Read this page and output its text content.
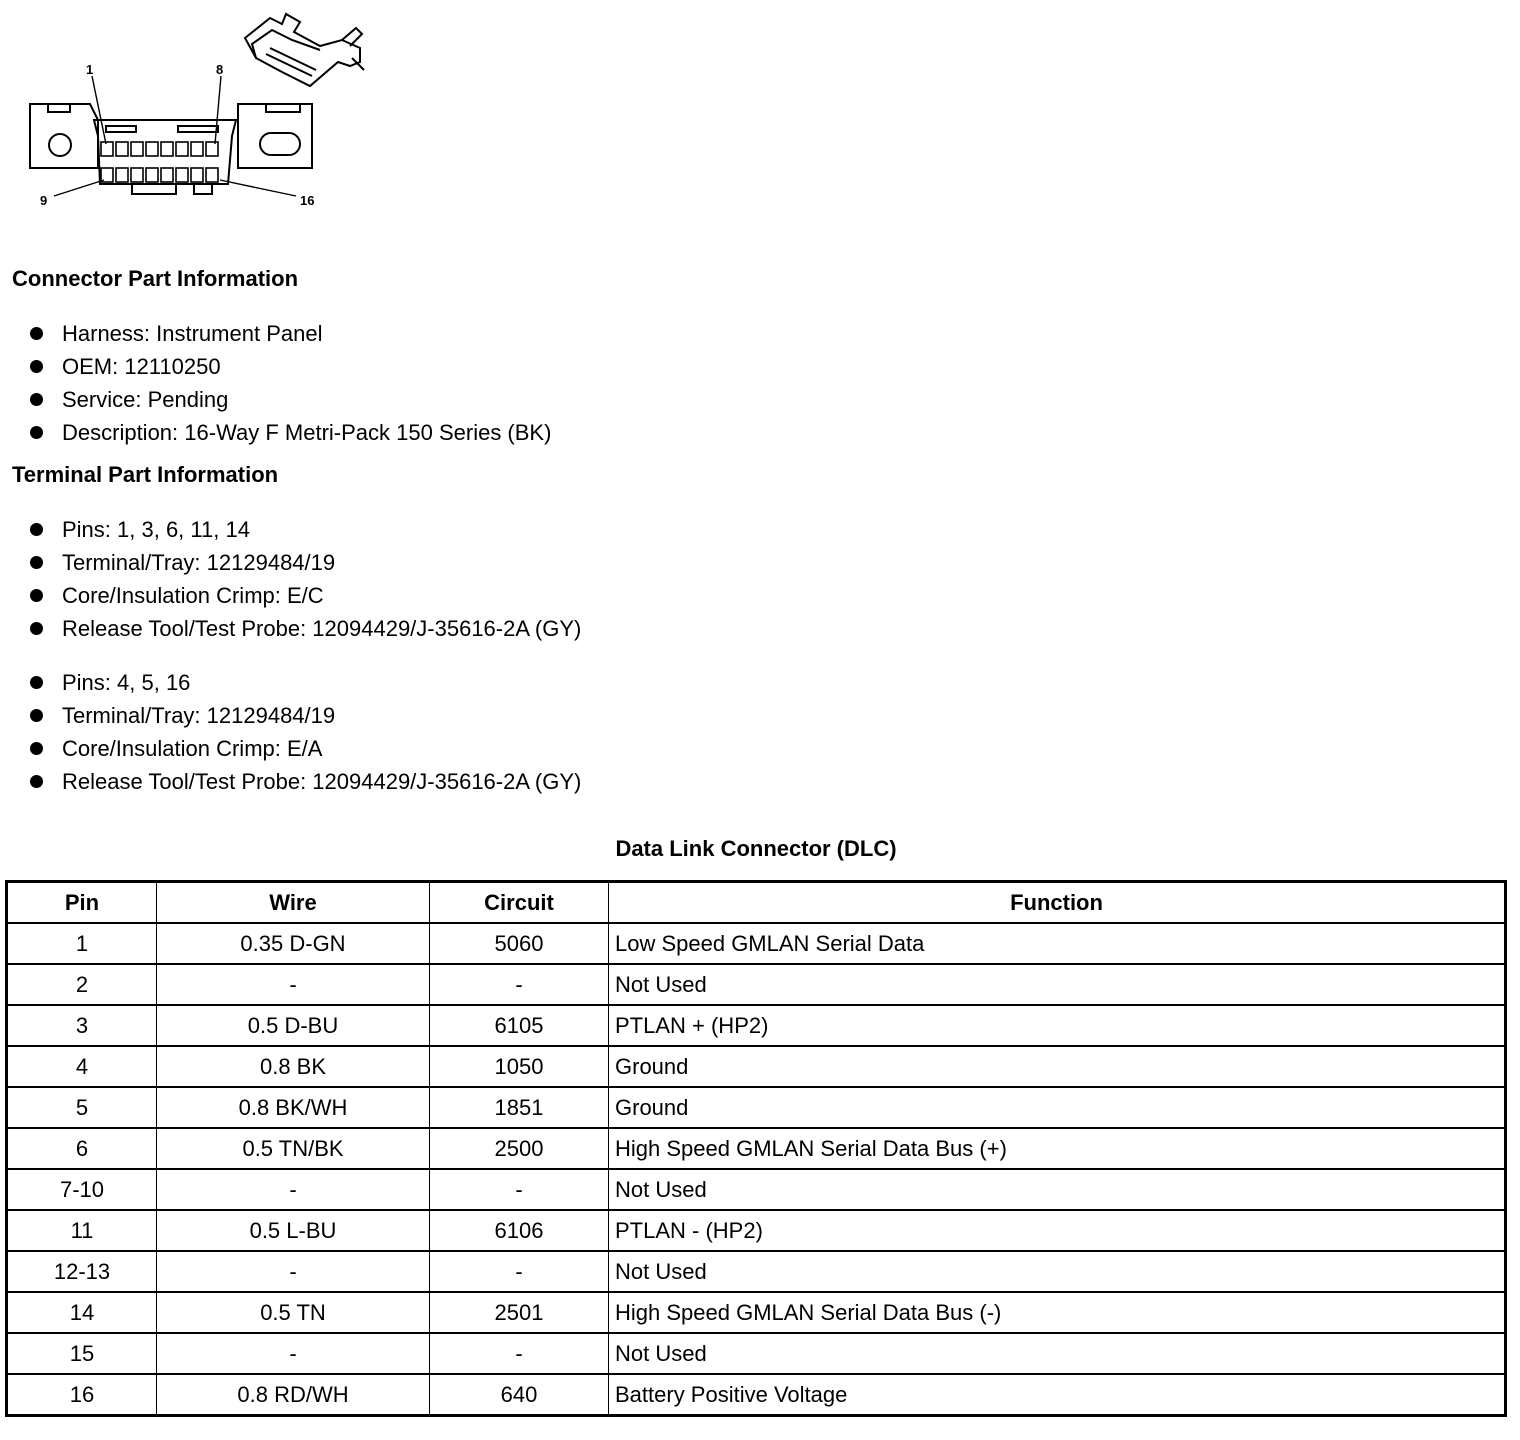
1	8
9	16
Connector Part Information
Harness: Instrument Panel
OEM: 12110250
Service: Pending
Description: 16-Way F Metri-Pack 150 Series (BK)
Terminal Part Information
Pins: 1, 3, 6, 11, 14
Terminal/Tray: 12129484/19
Core/Insulation Crimp: E/C
Release Tool/Test Probe: 12094429/J-35616-2A (GY)
Pins: 4, 5, 16
Terminal/Tray: 12129484/19
Core/Insulation Crimp: E/A
Release Tool/Test Probe: 12094429/J-35616-2A (GY)
Data Link Connector (DLC)
Pin	Wire	Circuit	Function
1	0.35 D-GN	5060	Low Speed GMLAN Serial Data
2	-	-	Not Used
3	0.5 D-BU	6105	PTLAN + (HP2)
4	0.8 BK	1050	Ground
5	0.8 BK/WH	1851	Ground
6	0.5 TN/BK	2500	High Speed GMLAN Serial Data Bus (+)
7-10	-	-	Not Used
11	0.5 L-BU	6106	PTLAN - (HP2)
12-13	-	-	Not Used
14	0.5 TN	2501	High Speed GMLAN Serial Data Bus (-)
15	-	-	Not Used
16	0.8 RD/WH	640	Battery Positive Voltage
